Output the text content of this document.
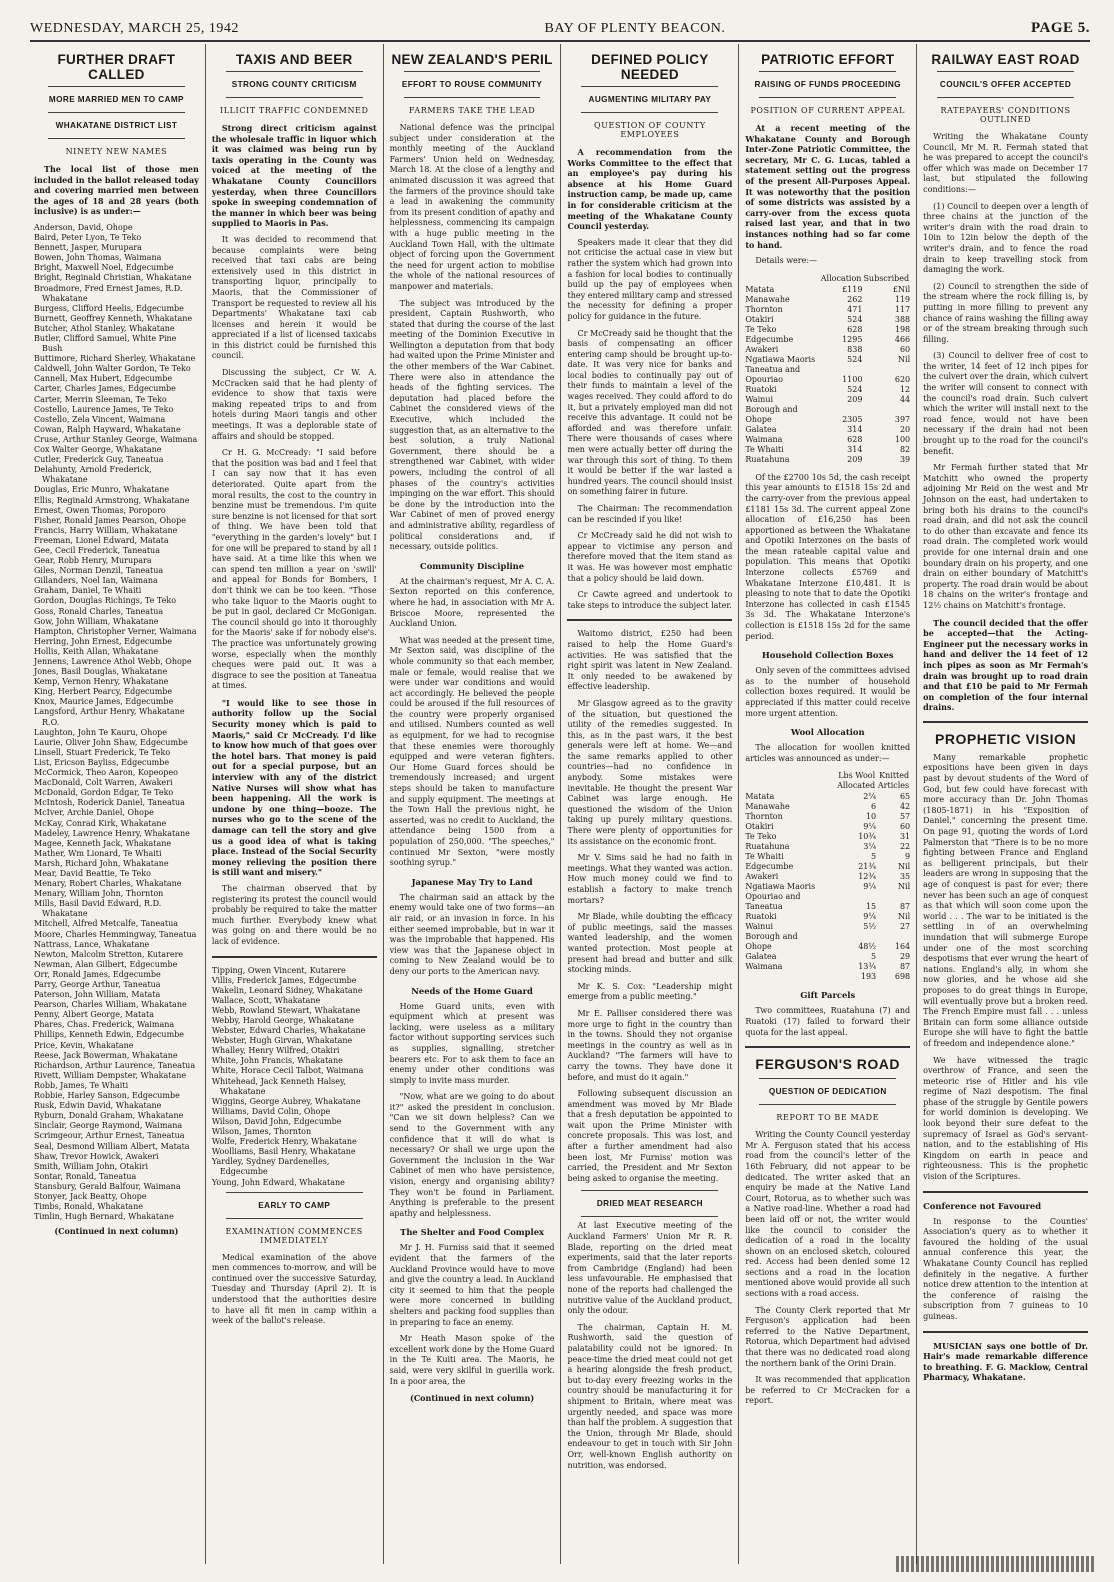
WEDNESDAY, MARCH 25, 1942	BAY OF PLENTY BEACON.	PAGE 5.
FURTHER DRAFT CALLED
MORE MARRIED MEN TO CAMP
WHAKATANE DISTRICT LIST
NINETY NEW NAMES

The local list of those men included in the ballot released today and covering married men between the ages of 18 and 28 years (both inclusive) is as under:—

Anderson, David, Ohope
Baird, Peter Lyon, Te Teko
Bennett, Jasper, Murupara
Bowen, John Thomas, Waimana
Bright, Maxwell Noel, Edgecumbe
Bright, Reginald Christian, Whakatane
Broadmore, Fred Ernest James, R.D. Whakatane
Burgess, Clifford Heelis, Edgecumbe
Burnett, Geoffrey Kenneth, Whakatane
Butcher, Athol Stanley, Whakatane
Butler, Clifford Samuel, White Pine Bush
Buttimore, Richard Sherley, Whakatane
Caldwell, John Walter Gordon, Te Teko
Cannell, Max Hubert, Edgecumbe
Carter, Charles James, Edgecumbe
Carter, Merrin Sleeman, Te Teko
Costello, Laurence James, Te Teko
Costello, Zela Vincent, Waimana
Cowan, Ralph Hayward, Whakatane
Cruse, Arthur Stanley George, Waimana
Cox Walter George, Whakatane
Cutler, Frederick Guy, Taneatua
Delahunty, Arnold Frederick, Whakatane
Douglas, Eric Munro, Whakatane
Ellis, Reginald Armstrong, Whakatane
Ernest, Owen Thomas, Poroporo
Fisher, Ronald James Pearson, Ohope
Francis, Harry William, Whakatane
Freeman, Lionel Edward, Matata
Gee, Cecil Frederick, Taneatua
Gear, Robb Henry, Murupara
Giles, Norman Denzil, Taneatua
Gillanders, Noel Ian, Waimana
Graham, Daniel, Te Whaiti
Gordon, Douglas Richings, Te Teko
Goss, Ronald Charles, Taneatua
Gow, John William, Whakatane
Hampton, Christopher Verner, Waimana
Herring, John Ernest, Edgecumbe
Hollis, Keith Allan, Whakatane
Jennens, Lawrence Athol Webb, Ohope
Jones, Basil Douglas, Whakatane
Kemp, Vernon Henry, Whakatane
King, Herbert Pearcy, Edgecumbe
Knox, Maurice James, Edgecumbe
Langsford, Arthur Henry, Whakatane R.O.
Laughton, John Te Kauru, Ohope
Laurie, Oliver John Shaw, Edgecumbe
Linsell, Stuart Frederick, Te Teko
List, Ericson Bayliss, Edgecumbe
McCormick, Theo Aaron, Kopeopeo
MacDonald, Colt Warren, Awakeri
McDonald, Gordon Edgar, Te Teko
McIntosh, Roderick Daniel, Taneatua
McIver, Archie Daniel, Ohope
McKay, Conrad Kirk, Whakatane
Madeley, Lawrence Henry, Whakatane
Magee, Kenneth Jack, Whakatane
Mather, Wm Lionard, Te Whaiti
Marsh, Richard John, Whakatane
Mear, David Beattie, Te Teko
Menary, Robert Charles, Whakatane
Menary, William John, Thornton
Mills, Basil David Edward, R.D. Whakatane
Mitchell, Alfred Metcalfe, Taneatua
Moore, Charles Hemmingway, Taneatua
Nattrass, Lance, Whakatane
Newton, Malcolm Stretton, Kutarere
Newman, Alan Gilbert, Edgecumbe
Orr, Ronald James, Edgecumbe
Parry, George Arthur, Taneatua
Paterson, John William, Matata
Pearson, Charles William, Whakatane
Penny, Albert George, Matata
Phares, Chas. Frederick, Waimana
Phillips, Kenneth Edwin, Edgecumbe
Price, Kevin, Whakatane
Reese, Jack Bowerman, Whakatane
Richardson, Arthur Laurence, Taneatua
Rivett, William Dempster, Whakatane
Robb, James, Te Whaiti
Robbie, Harley Sanson, Edgecumbe
Rusk, Edwin David, Whakatane
Ryburn, Donald Graham, Whakatane
Sinclair, George Raymond, Waimana
Scrimgeour, Arthur Ernest, Taneatua
Seal, Desmond William Albert, Matata
Shaw, Trevor Howick, Awakeri
Smith, William John, Otakiri
Sontar, Ronald, Taneatua
Stansbury, Gerald Balfour, Waimana
Stonyer, Jack Beatty, Ohope
Timbs, Ronald, Whakatane
Timlin, Hugh Bernard, Whakatane
(Continued in next column)
TAXIS AND BEER
STRONG COUNTY CRITICISM
ILLICIT TRAFFIC CONDEMNED

Strong direct criticism against the wholesale traffic in liquor which it was claimed was being run by taxis operating in the County was voiced at the meeting of the Whakatane County Councillors yesterday, when three Councillors spoke in sweeping condemnation of the manner in which beer was being supplied to Maoris in Pas.

It was decided to recommend that because complaints were being received that taxi cabs are being extensively used in this district in transporting liquor, principally to Maoris, that the Commissioner of Transport be requested to review all his Departments' Whakatane taxi cab licenses and herein it would be appreciated if a list of licensed taxicabs in this district could be furnished this council.

Discussing the subject, Cr W. A. McCracken said that he had plenty of evidence to show that taxis were making repeated trips to and from hotels during Maori tangis and other meetings. It was a deplorable state of affairs and should be stopped.

Cr H. G. McCready: "I said before that the position was bad and I feel that I can say now that it has even deteriorated. Quite apart from the moral results, the cost to the country in benzine must be tremendous. I'm quite sure benzine is not licensed for that sort of thing. We have been told that "everything in the garden's lovely" but I for one will be prepared to stand by all I have said. At a time like this when we can spend ten million a year on 'swill' and appeal for Bonds for Bombers, I don't think we can be too keen. "Those who take liquor to the Maoris ought to be put in gaol, declared Cr McGonigan. The council should go into it thoroughly for the Maoris' sake if for nobody else's. The practice was unfortunately growing worse, especially when the monthly cheques were paid out. It was a disgrace to see the position at Taneatua at times.

"I would like to see those in authority follow up the Social Security money which is paid to Maoris," said Cr McCready. I'd like to know how much of that goes over the hotel bars. That money is paid out for a special purpose, but an interview with any of the district Native Nurses will show what has been happening. All the work is undone by one thing—booze. The nurses who go to the scene of the damage can tell the story and give us a good idea of what is taking place. Instead of the Social Security money relieving the position there is still want and misery."

The chairman observed that by registering its protest the council would probably be required to take the matter much further. Everybody knew what was going on and there would be no lack of evidence.

Tipping, Owen Vincent, Kutarere
Villis, Frederick James, Edgecumbe
Wakelin, Leonard Sidney, Whakatane
Wallace, Scott, Whakatane
Webb, Rowland Stewart, Whakatane
Webby, Harold George, Whakatane
Webster, Edward Charles, Whakatane
Webster, Hugh Girvan, Whakatane
Whalley, Henry Wilfred, Otakiri
White, John Francis, Whakatane
White, Horace Cecil Talbot, Waimana
Whitehead, Jack Kenneth Halsey, Whakatane
Wiggins, George Aubrey, Whakatane
Williams, David Colin, Ohope
Wilson, David John, Edgecumbe
Wilson, James, Thornton
Wolfe, Frederick Henry, Whakatane
Woolliams, Basil Henry, Whakatane
Yardley, Sydney Dardenelles, Edgecumbe
Young, John Edward, Whakatane
EARLY TO CAMP
EXAMINATION COMMENCES IMMEDIATELY

Medical examination of the above men commences to-morrow, and will be continued over the successive Saturday, Tuesday and Thursday (April 2). It is understood that the authorities desire to have all fit men in camp within a week of the ballot's release.

NEW ZEALAND'S PERIL
EFFORT TO ROUSE COMMUNITY
FARMERS TAKE THE LEAD

National defence was the principal subject under consideration at the monthly meeting of the Auckland Farmers' Union held on Wednesday, March 18. At the close of a lengthy and animated discussion it was agreed that the farmers of the province should take a lead in awakening the community from its present condition of apathy and helplessness, commencing its campaign with a huge public meeting in the Auckland Town Hall, with the ultimate object of forcing upon the Government the need for urgent action to mobilise the whole of the national resources of manpower and materials.

The subject was introduced by the president, Captain Rushworth, who stated that during the course of the last meeting of the Dominion Executive in Wellington a deputation from that body had waited upon the Prime Minister and the other members of the War Cabinet. There were also in attendance the heads of the fighting services. The deputation had placed before the Cabinet the considered views of the Executive, which included the suggestion that, as an alternative to the best solution, a truly National Government, there should be a strengthened war Cabinet, with wider powers, including the control of all phases of the country's activities impinging on the war effort. This should be done by the introduction into the War Cabinet of men of proved energy and administrative ability, regardless of political considerations and, if necessary, outside politics.

Community Discipline

At the chairman's request, Mr A. C. A. Sexton reported on this conference, where he had, in association with Mr A. Briscoe Moore, represented the Auckland Union.

What was needed at the present time, Mr Sexton said, was discipline of the whole community so that each member, male or female, would realise that we were under war conditions and would act accordingly. He believed the people could be aroused if the full resources of the country were properly organised and utilised. Numbers counted as well as equipment, for we had to recognise that these enemies were thoroughly equipped and were veteran fighters. Our Home Guard forces should be tremendously increased; and urgent steps should be taken to manufacture and supply equipment. The meetings at the Town Hall the previous night, he asserted, was no credit to Auckland, the attendance being 1500 from a population of 250,000. "The speeches," continued Mr Sexton, "were mostly soothing syrup."

Japanese May Try to Land

The chairman said an attack by the enemy would take one of two forms—an air raid, or an invasion in force. In his either seemed improbable, but in war it was the improbable that happened. His view was that the Japanese object in coming to New Zealand would be to deny our ports to the American navy.

Needs of the Home Guard

Home Guard units, even with equipment which at present was lacking, were useless as a military factor without supporting services such as supplies, signalling, stretcher bearers etc. For to ask them to face an enemy under other conditions was simply to invite mass murder.

"Now, what are we going to do about it?" asked the president in conclusion. "Can we sit down helpless? Can we send to the Government with any confidence that it will do what is necessary? Or shall we urge upon the Government the inclusion in the War Cabinet of men who have persistence, vision, energy and organising ability? They won't be found in Parliament. Anything is preferable to the present apathy and helplessness.

The Shelter and Food Complex

Mr J. H. Furniss said that it seemed evident that the farmers of the Auckland Province would have to move and give the country a lead. In Auckland city it seemed to him that the people were more concerned in building shelters and packing food supplies than in preparing to face an enemy.

Mr Heath Mason spoke of the excellent work done by the Home Guard in the Te Kuiti area. The Maoris, he said, were very skilful in guerilla work. In a poor area, the

(Continued in next column)
DEFINED POLICY NEEDED
AUGMENTING MILITARY PAY
QUESTION OF COUNTY EMPLOYEES

A recommendation from the Works Committee to the effect that an employee's pay during his absence at his Home Guard instruction camp, be made up, came in for considerable criticism at the meeting of the Whakatane County Council yesterday.

Speakers made it clear that they did not criticise the actual case in view but rather the system which had grown into a fashion for local bodies to continually build up the pay of employees when they entered military camp and stressed the necessity for defining a proper policy for guidance in the future.

Cr McCready said he thought that the basis of compensating an officer entering camp should be brought up-to-date. It was very nice for banks and local bodies to continually pay out of their funds to maintain a level of the wages received. They could afford to do it, but a privately employed man did not receive this advantage. It could not be afforded and was therefore unfair. There were thousands of cases where men were actually better off during the war through this sort of thing. To them it would be better if the war lasted a hundred years. The council should insist on something fairer in future.

The Chairman: The recommendation can be rescinded if you like!

Cr McCready said he did not wish to appear to victimise any person and therefore moved that the item stand as it was. He was however most emphatic that a policy should be laid down.

Cr Cawte agreed and undertook to take steps to introduce the subject later.

Waitomo district, £250 had been raised to help the Home Guard's activities. He was satisfied that the right spirit was latent in New Zealand. It only needed to be awakened by effective leadership.

Mr Glasgow agreed as to the gravity of the situation, but questioned the utility of the remedies suggested. In this, as in the past wars, it the best generals were left at home. We—and the same remarks applied to other countries—had no confidence in anybody. Some mistakes were inevitable. He thought the present War Cabinet was large enough. He questioned the wisdom of the Union taking up purely military questions. There were plenty of opportunities for its assistance on the economic front.

Mr V. Sims said he had no faith in meetings. What they wanted was action. How much money could we find to establish a factory to make trench mortars?

Mr Blade, while doubting the efficacy of public meetings, said the masses wanted leadership, and the women wanted protection. Most people at present had bread and butter and silk stocking minds.

Mr K. S. Cox: "Leadership might emerge from a public meeting."

Mr E. Palliser considered there was more urge to fight in the country than in the towns. Should they not organise meetings in the country as well as in Auckland? "The farmers will have to carry the towns. They have done it before, and must do it again."

Following subsequent discussion an amendment was moved by Mr Blade that a fresh deputation be appointed to wait upon the Prime Minister with concrete proposals. This was lost, and after a further amendment had also been lost, Mr Furniss' motion was carried, the President and Mr Sexton being asked to organise the meeting.

DRIED MEAT RESEARCH

At last Executive meeting of the Auckland Farmers' Union Mr R. R. Blade, reporting on the dried meat experiments, said that the later reports from Cambridge (England) had been less unfavourable. He emphasised that none of the reports had challenged the nutritive value of the Auckland product, only the odour.

The chairman, Captain H. M. Rushworth, said the question of palatability could not be ignored. In peace-time the dried meat could not get a hearing alongside the fresh product, but to-day every freezing works in the country should be manufacturing it for shipment to Britain, where meat was urgently needed, and space was more than half the problem. A suggestion that the Union, through Mr Blade, should endeavour to get in touch with Sir John Orr, well-known English authority on nutrition, was endorsed.

PATRIOTIC EFFORT
RAISING OF FUNDS PROCEEDING
POSITION OF CURRENT APPEAL

At a recent meeting of the Whakatane County and Borough Inter-Zone Patriotic Committee, the secretary, Mr C. G. Lucas, tabled a statement setting out the progress of the present All-Purposes Appeal. It was noteworthy that the position of some districts was assisted by a carry-over from the excess quota raised last year, and that in two instances nothing had so far come to hand.

Details were:—

	Allocation	Subscribed
Matata	£119	£Nil
Manawahe	262	119
Thornton	471	117
Otakiri	524	388
Te Teko	628	198
Edgecumbe	1295	466
Awakeri	838	60
Ngatiawa Maoris	524	Nil
Taneatua and		
Opouriao	1100	620
Ruatoki	524	12
Wainui	209	44
Borough and		
Ohope	2305	397
Galatea	314	20
Waimana	628	100
Te Whaiti	314	82
Ruatahuna	209	39

Of the £2700 10s 5d, the cash receipt this year amounts to £1518 15s 2d and the carry-over from the previous appeal £1181 15s 3d. The current appeal Zone allocation of £16,250 has been apportioned as between the Whakatane and Opotiki Interzones on the basis of the mean rateable capital value and population. This means that Opotiki Interzone collects £5769 and Whakatane Interzone £10,481. It is pleasing to note that to date the Opotiki Interzone has collected in cash £1545 3s 3d. The Whakatane Interzone's collection is £1518 15s 2d for the same period.

Household Collection Boxes

Only seven of the committees advised as to the number of household collection boxes required. It would be appreciated if this matter could receive more urgent attention.

Wool Allocation

The allocation for woollen knitted articles was announced as under:—

	Lbs Wool Allocated	Knitted Articles
Matata	2¼	65
Manawahe	6	42
Thornton	10	57
Otakiri	9¼	60
Te Teko	10¾	31
Ruatahuna	3¼	22
Te Whaiti	5	9
Edgecumbe	21¾	Nil
Awakeri	12¾	35
Ngatiawa Maoris	9¼	Nil
Opouriao and		
Taneatua	15	87
Ruatoki	9¼	Nil
Wainui	5½	27
Borough and		
Ohope	48½	164
Galatea	5	29
Waimana	13¾	87
	193	698
Gift Parcels

Two committees, Ruatahuna (7) and Ruatoki (17) failed to forward their quota for the last appeal.

FERGUSON'S ROAD
QUESTION OF DEDICATION
REPORT TO BE MADE

Writing the County Council yesterday Mr A. Ferguson stated that his access road from the council's letter of the 16th February, did not appear to be dedicated. The writer asked that an enquiry be made at the Native Land Court, Rotorua, as to whether such was a Native road-line. Whether a road had been laid off or not, the writer would like the council to consider the dedication of a road in the locality shown on an enclosed sketch, coloured red. Access had been denied some 12 sections and a road in the location mentioned above would provide all such sections with a road access.

The County Clerk reported that Mr Ferguson's application had been referred to the Native Department, Rotorua, which Department had advised that there was no dedicated road along the northern bank of the Orini Drain.

It was recommended that application be referred to Cr McCracken for a report.

RAILWAY EAST ROAD
COUNCIL'S OFFER ACCEPTED
RATEPAYERS' CONDITIONS OUTLINED

Writing the Whakatane County Council, Mr M. R. Fermah stated that he was prepared to accept the council's offer which was made on December 17 last, but stipulated the following conditions:—

(1) Council to deepen over a length of three chains at the junction of the writer's drain with the road drain to 10in to 12in below the depth of the writer's drain, and to fence the road drain to keep travelling stock from damaging the work.

(2) Council to strengthen the side of the stream where the rock filling is, by putting in more filling to prevent any chance of rains washing the filling away or of the stream breaking through such filling.

(3) Council to deliver free of cost to the writer, 14 feet of 12 inch pipes for the culvert over the drain, which culvert the writer will consent to connect with the council's road drain. Such culvert which the writer will install next to the road fence, would not have been necessary if the drain had not been brought up to the road for the council's benefit.

Mr Fermah further stated that Mr Matchitt who owned the property adjoining Mr Reid on the west and Mr Johnson on the east, had undertaken to bring both his drains to the council's road drain, and did not ask the council to do other than excavate and fence its road drain. The completed work would provide for one internal drain and one boundary drain on his property, and one drain on either boundary of Matchitt's property. The road drain would be about 18 chains on the writer's frontage and 12½ chains on Matchitt's frontage.

The council decided that the offer be accepted—that the Acting-Engineer put the necessary works in hand and deliver the 14 feet of 12 inch pipes as soon as Mr Fermah's drain was brought up to road drain and that £10 be paid to Mr Fermah on completion of the four internal drains.

PROPHETIC VISION

Many remarkable prophetic expositions have been given in days past by devout students of the Word of God, but few could have forecast with more accuracy than Dr. John Thomas (1805-1871) in his "Exposition of Daniel," concerning the present time. On page 91, quoting the words of Lord Palmerston that "There is to be no more fighting between France and England as belligerent principals, but their leaders are wrong in supposing that the age of conquest is past for ever; there never has been such an age of conquest as that which will soon come upon the world . . . The war to be initiated is the settling in of an overwhelming inundation that will submerge Europe under one of the most scorching despotisms that ever wrung the heart of nations. England's ally, in whom she now glories, and he whose aid she proposes to do great things in Europe, will eventually prove but a broken reed. The French Empire must fall . . . unless Britain can form some alliance outside Europe she will have to fight the battle of freedom and independence alone."

We have witnessed the tragic overthrow of France, and seen the meteoric rise of Hitler and his vile regime of Nazi despotism. The final phase of the struggle by Gentile powers for world dominion is developing. We look beyond their sure defeat to the supremacy of Israel as God's servant-nation, and to the establishing of His Kingdom on earth in peace and righteousness. This is the prophetic vision of the Scriptures.

Conference not Favoured

In response to the Counties' Association's query as to whether it favoured the holding of the usual annual conference this year, the Whakatane County Council has replied definitely in the negative. A further notice drew attention to the intention at the conference of raising the subscription from 7 guineas to 10 guineas.

MUSICIAN says one bottle of Dr. Hair's made remarkable difference to breathing. F. G. Macklow, Central Pharmacy, Whakatane.
